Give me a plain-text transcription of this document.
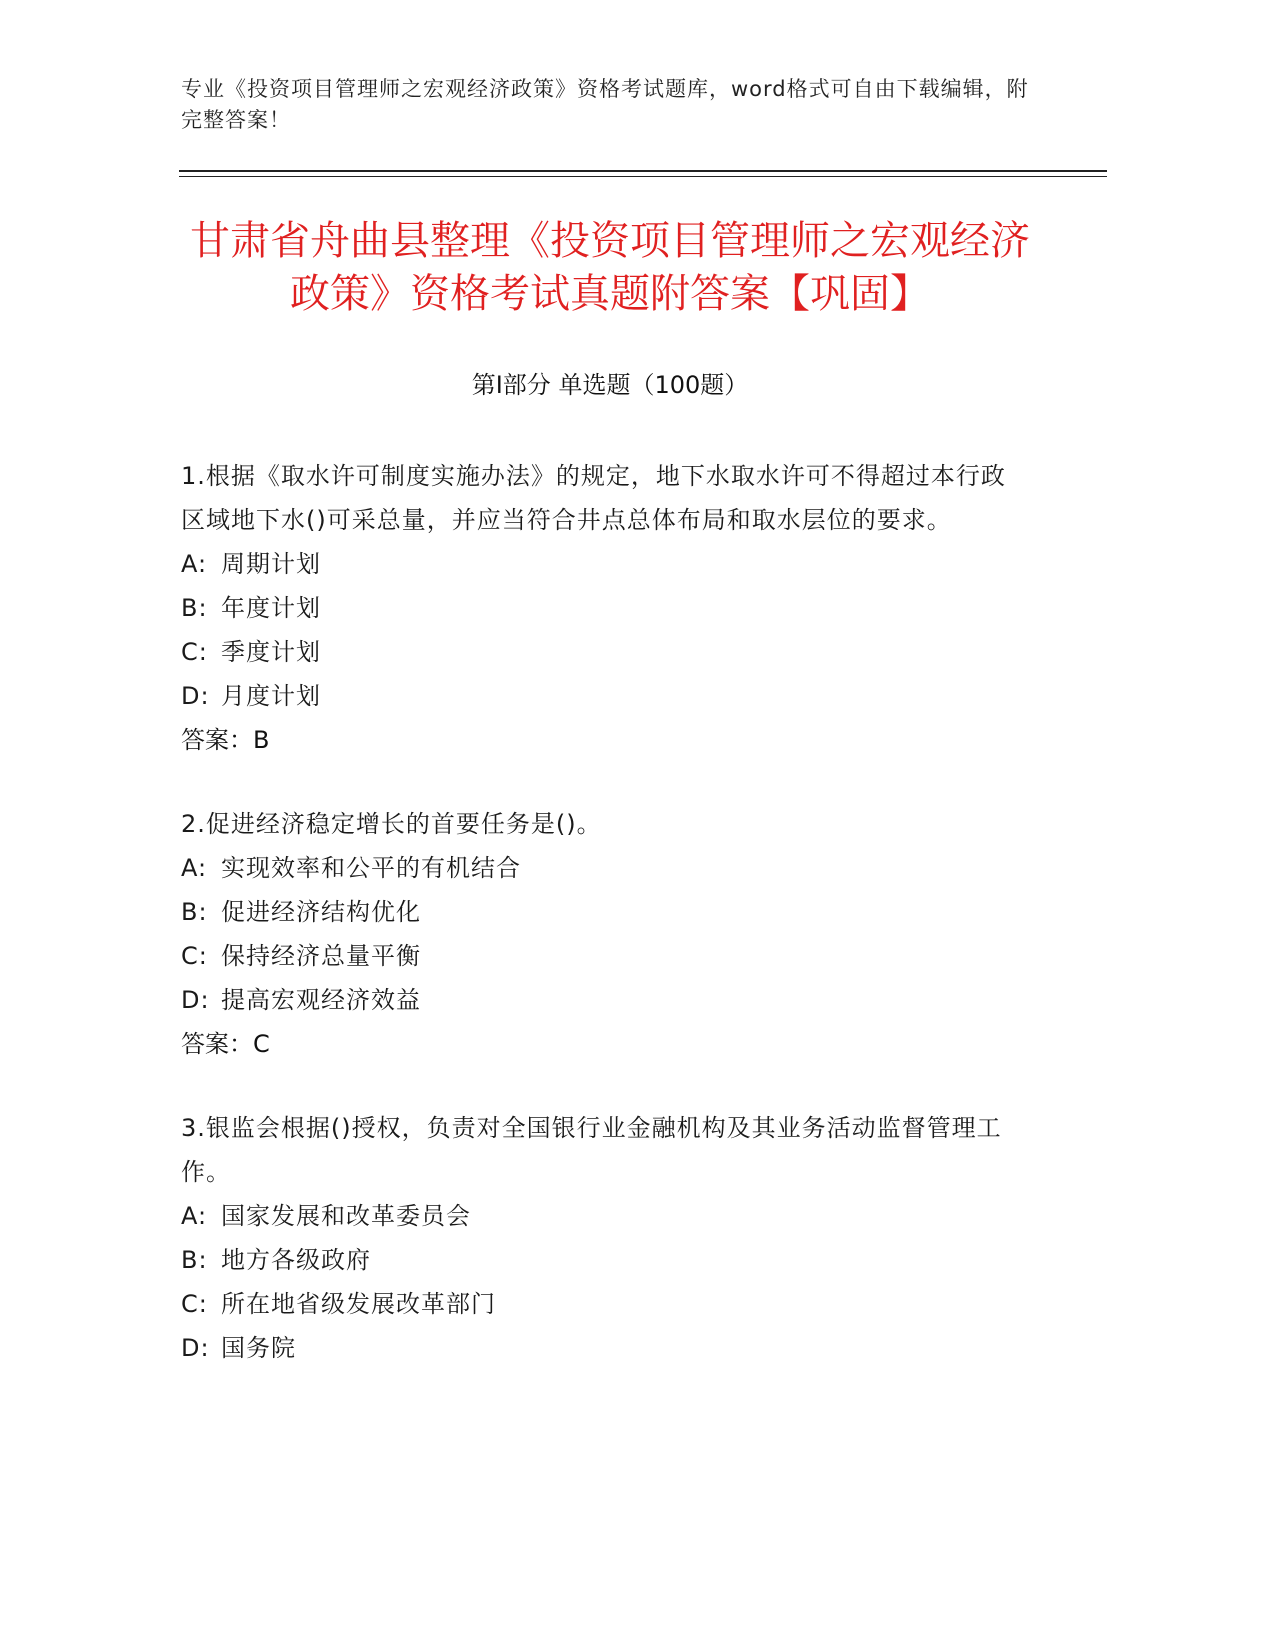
专业《投资项目管理师之宏观经济政策》资格考试题库，word格式可自由下载编辑，附完整答案！
甘肃省舟曲县整理《投资项目管理师之宏观经济政策》资格考试真题附答案【巩固】
第I部分 单选题（100题）
1.根据《取水许可制度实施办法》的规定，地下水取水许可不得超过本行政区域地下水()可采总量，并应当符合井点总体布局和取水层位的要求。
A: 周期计划
B: 年度计划
C: 季度计划
D: 月度计划
答案：B
2.促进经济稳定增长的首要任务是()。
A: 实现效率和公平的有机结合
B: 促进经济结构优化
C: 保持经济总量平衡
D: 提高宏观经济效益
答案：C
3.银监会根据()授权，负责对全国银行业金融机构及其业务活动监督管理工作。
A: 国家发展和改革委员会
B: 地方各级政府
C: 所在地省级发展改革部门
D: 国务院
